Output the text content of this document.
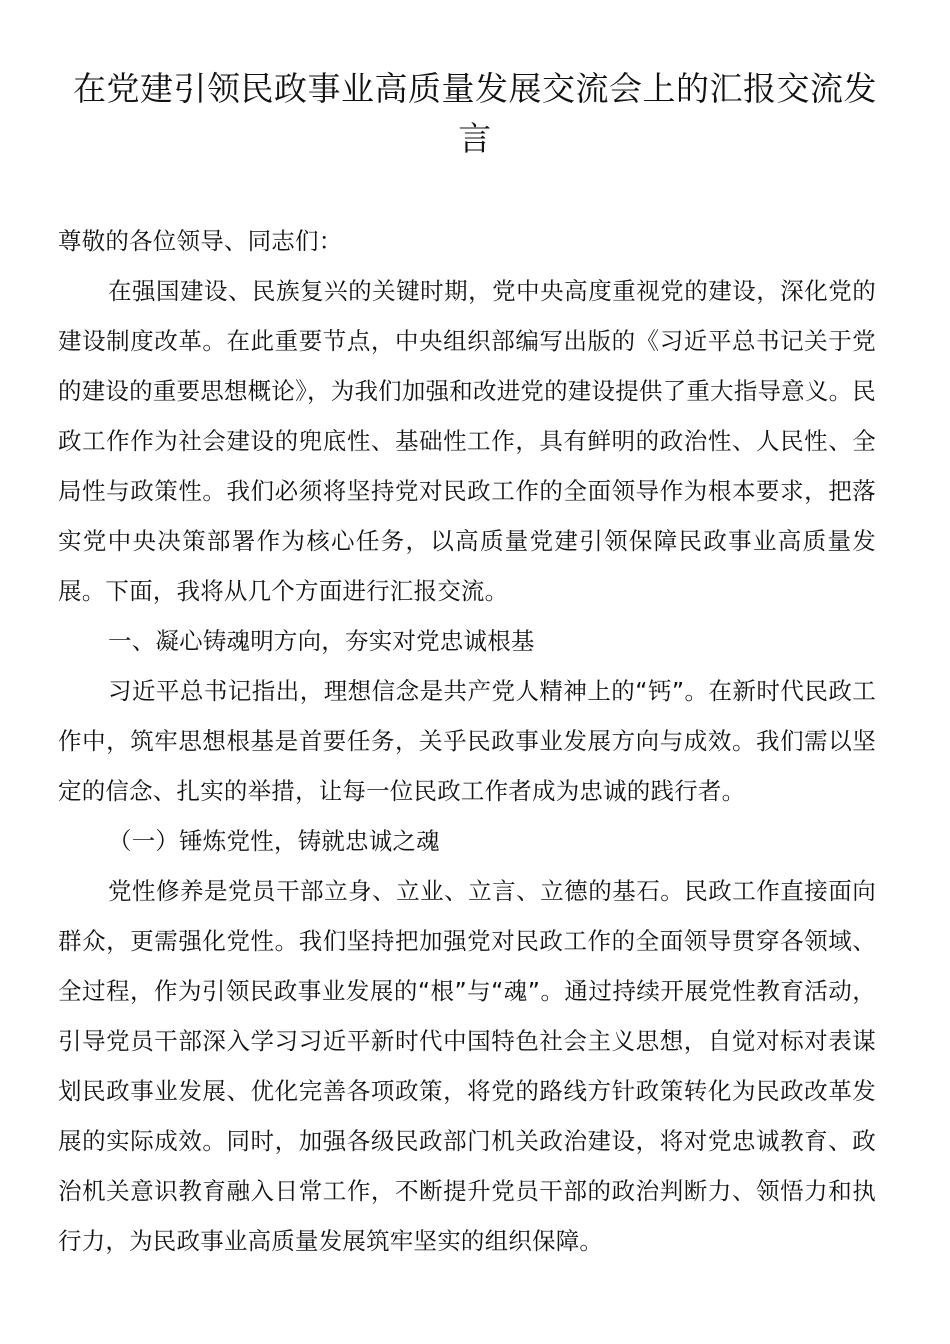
在党建引领民政事业高质量发展交流会上的汇报交流发言

尊敬的各位领导、同志们：

在强国建设、民族复兴的关键时期，党中央高度重视党的建设，深化党的建设制度改革。在此重要节点，中央组织部编写出版的《习近平总书记关于党的建设的重要思想概论》，为我们加强和改进党的建设提供了重大指导意义。民政工作作为社会建设的兜底性、基础性工作，具有鲜明的政治性、人民性、全局性与政策性。我们必须将坚持党对民政工作的全面领导作为根本要求，把落实党中央决策部署作为核心任务，以高质量党建引领保障民政事业高质量发展。下面，我将从几个方面进行汇报交流。

一、凝心铸魂明方向，夯实对党忠诚根基

习近平总书记指出，理想信念是共产党人精神上的“钙”。在新时代民政工作中，筑牢思想根基是首要任务，关乎民政事业发展方向与成效。我们需以坚定的信念、扎实的举措，让每一位民政工作者成为忠诚的践行者。

（一）锤炼党性，铸就忠诚之魂

党性修养是党员干部立身、立业、立言、立德的基石。民政工作直接面向群众，更需强化党性。我们坚持把加强党对民政工作的全面领导贯穿各领域、全过程，作为引领民政事业发展的“根”与“魂”。通过持续开展党性教育活动，引导党员干部深入学习习近平新时代中国特色社会主义思想，自觉对标对表谋划民政事业发展、优化完善各项政策，将党的路线方针政策转化为民政改革发展的实际成效。同时，加强各级民政部门机关政治建设，将对党忠诚教育、政治机关意识教育融入日常工作，不断提升党员干部的政治判断力、领悟力和执行力，为民政事业高质量发展筑牢坚实的组织保障。
